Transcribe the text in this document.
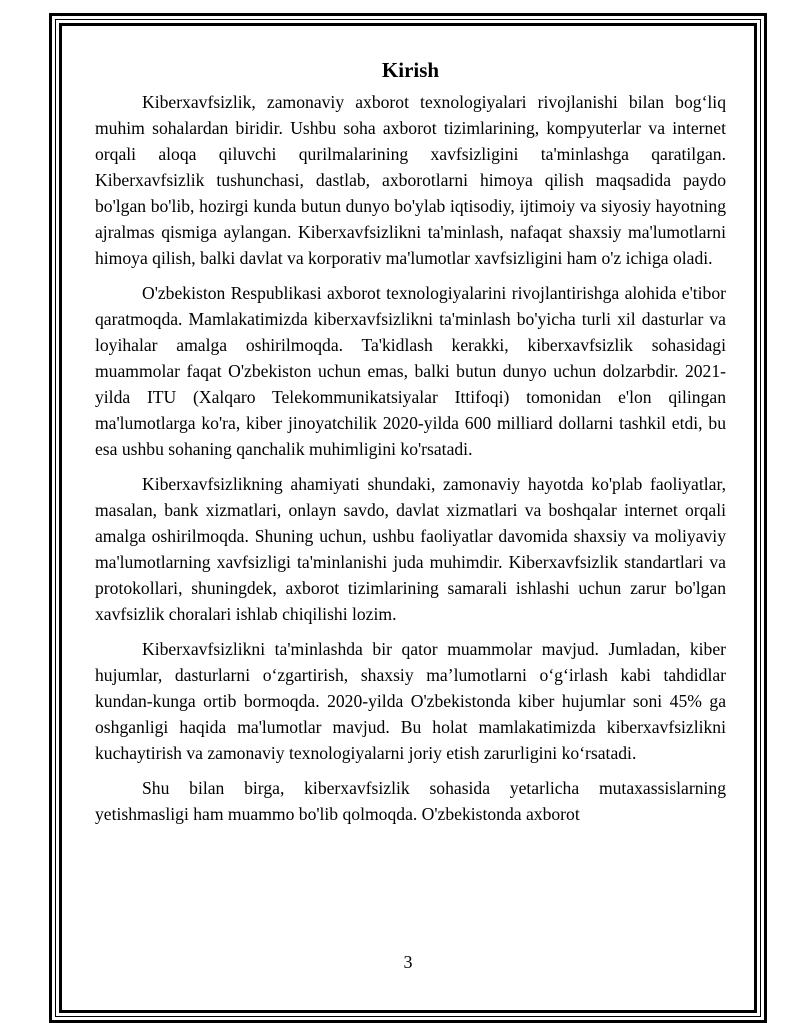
Kirish

Kiberxavfsizlik, zamonaviy axborot texnologiyalari rivojlanishi bilan bog‘liq muhim sohalardan biridir. Ushbu soha axborot tizimlarining, kompyuterlar va internet orqali aloqa qiluvchi qurilmalarining xavfsizligini ta'minlashga qaratilgan. Kiberxavfsizlik tushunchasi, dastlab, axborotlarni himoya qilish maqsadida paydo bo'lgan bo'lib, hozirgi kunda butun dunyo bo'ylab iqtisodiy, ijtimoiy va siyosiy hayotning ajralmas qismiga aylangan. Kiberxavfsizlikni ta'minlash, nafaqat shaxsiy ma'lumotlarni himoya qilish, balki davlat va korporativ ma'lumotlar xavfsizligini ham o'z ichiga oladi.

O'zbekiston Respublikasi axborot texnologiyalarini rivojlantirishga alohida e'tibor qaratmoqda. Mamlakatimizda kiberxavfsizlikni ta'minlash bo'yicha turli xil dasturlar va loyihalar amalga oshirilmoqda. Ta'kidlash kerakki, kiberxavfsizlik sohasidagi muammolar faqat O'zbekiston uchun emas, balki butun dunyo uchun dolzarbdir. 2021-yilda ITU (Xalqaro Telekommunikatsiyalar Ittifoqi) tomonidan e'lon qilingan ma'lumotlarga ko'ra, kiber jinoyatchilik 2020-yilda 600 milliard dollarni tashkil etdi, bu esa ushbu sohaning qanchalik muhimligini ko'rsatadi.

Kiberxavfsizlikning ahamiyati shundaki, zamonaviy hayotda ko'plab faoliyatlar, masalan, bank xizmatlari, onlayn savdo, davlat xizmatlari va boshqalar internet orqali amalga oshirilmoqda. Shuning uchun, ushbu faoliyatlar davomida shaxsiy va moliyaviy ma'lumotlarning xavfsizligi ta'minlanishi juda muhimdir. Kiberxavfsizlik standartlari va protokollari, shuningdek, axborot tizimlarining samarali ishlashi uchun zarur bo'lgan xavfsizlik choralari ishlab chiqilishi lozim.

Kiberxavfsizlikni ta'minlashda bir qator muammolar mavjud. Jumladan, kiber hujumlar, dasturlarni o‘zgartirish, shaxsiy ma’lumotlarni o‘g‘irlash kabi tahdidlar kundan-kunga ortib bormoqda. 2020-yilda O'zbekistonda kiber hujumlar soni 45% ga oshganligi haqida ma'lumotlar mavjud. Bu holat mamlakatimizda kiberxavfsizlikni kuchaytirish va zamonaviy texnologiyalarni joriy etish zarurligini ko‘rsatadi.

Shu bilan birga, kiberxavfsizlik sohasida yetarlicha mutaxassislarning yetishmasligi ham muammo bo'lib qolmoqda. O'zbekistonda axborot

3
